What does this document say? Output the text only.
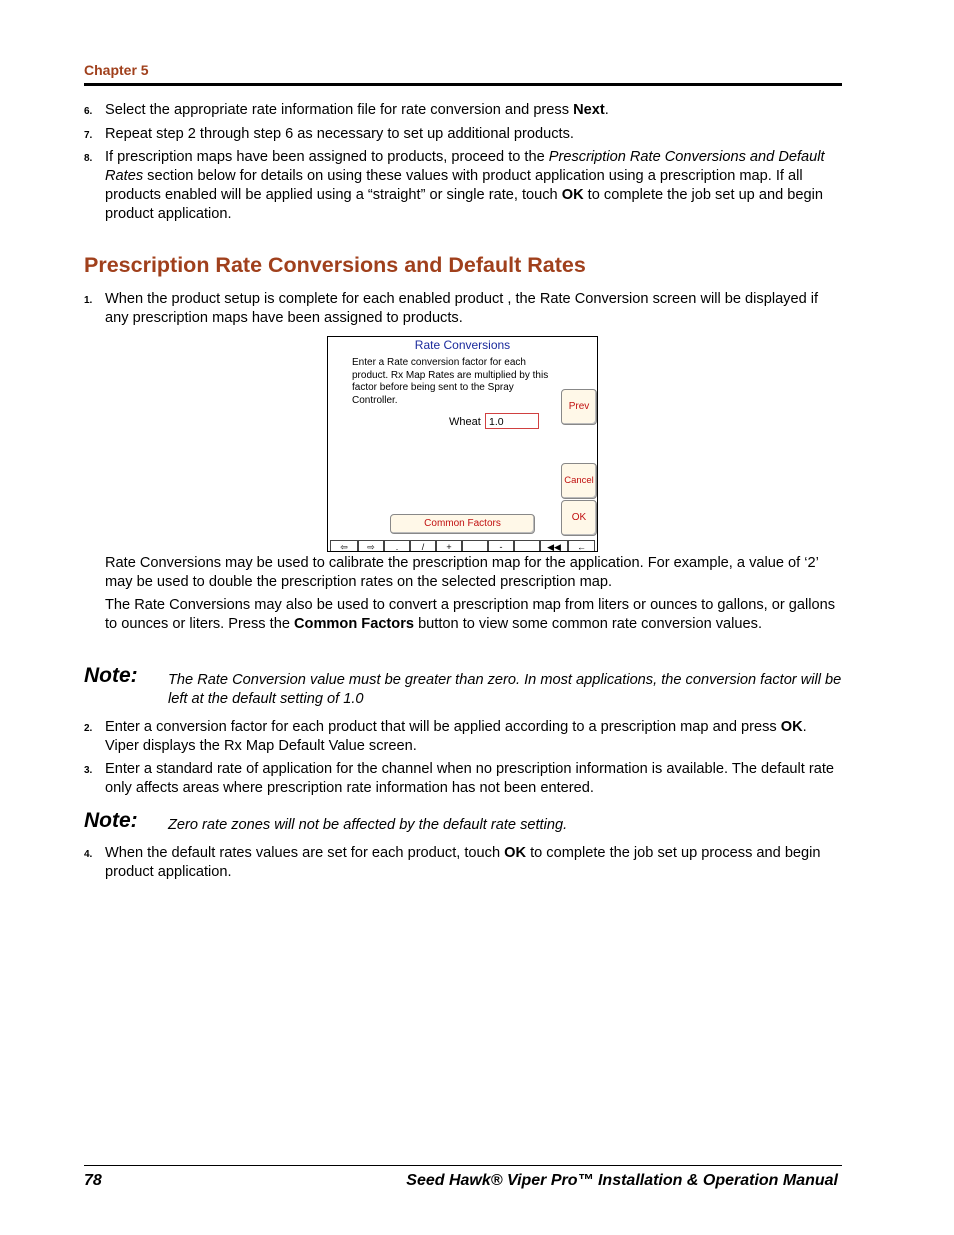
Chapter 5
6. Select the appropriate rate information file for rate conversion and press Next.
7. Repeat step 2 through step 6 as necessary to set up additional products.
8. If prescription maps have been assigned to products, proceed to the Prescription Rate Conversions and Default Rates section below for details on using these values with product application using a prescription map. If all products enabled will be applied using a “straight” or single rate, touch OK to complete the job set up and begin product application.
Prescription Rate Conversions and Default Rates
1. When the product setup is complete for each enabled product , the Rate Conversion screen will be displayed if any prescription maps have been assigned to products.
Rate Conversions
Enter a Rate conversion factor for each product. Rx Map Rates are multiplied by this factor before being sent to the Spray Controller.
Wheat 1.0
Prev
Cancel
OK
Common Factors
⇦	⇨	.	/	+	-	◀◀	←
Rate Conversions may be used to calibrate the prescription map for the application. For example, a value of ‘2’ may be used to double the prescription rates on the selected prescription map.
The Rate Conversions may also be used to convert a prescription map from liters or ounces to gallons, or gallons to ounces or liters. Press the Common Factors button to view some common rate conversion values.
Note: The Rate Conversion value must be greater than zero. In most applications, the conversion factor will be left at the default setting of 1.0
2. Enter a conversion factor for each product that will be applied according to a prescription map and press OK. Viper displays the Rx Map Default Value screen.
3. Enter a standard rate of application for the channel when no prescription information is available. The default rate only affects areas where prescription rate information has not been entered.
Note: Zero rate zones will not be affected by the default rate setting.
4. When the default rates values are set for each product, touch OK to complete the job set up process and begin product application.
78	Seed Hawk® Viper Pro™ Installation & Operation Manual
